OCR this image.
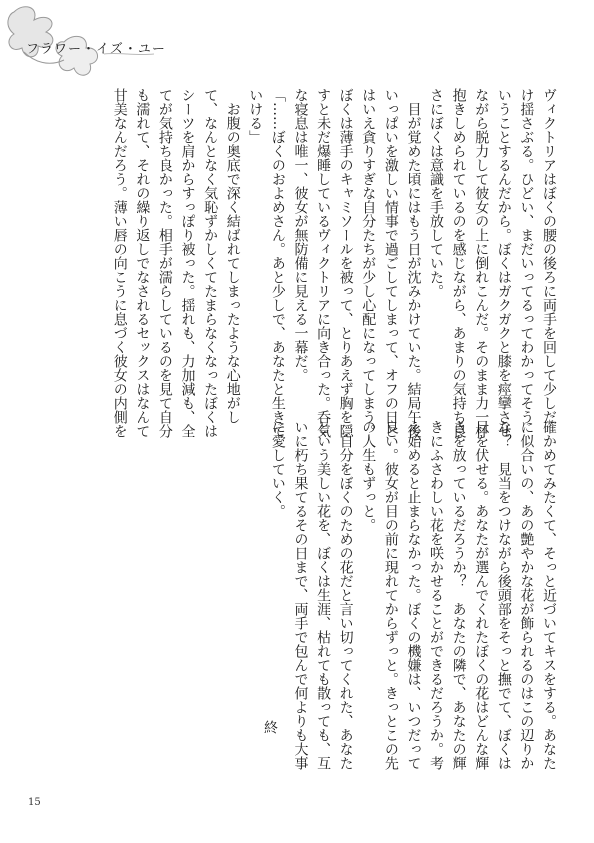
フラワー・イズ・ユー
ヴィクトリアはぼくの腰の後ろに両手を回して少しだ
け揺さぶる。ひどい、まだいってるってわかってそう
いうことするんだから。ぼくはガクガクと膝を痙攣させ
ながら脱力して彼女の上に倒れこんだ。そのまま力一杯
抱きしめられているのを感じながら、あまりの気持ち良
さにぼくは意識を手放していた。
　目が覚めた頃にはもう日が沈みかけていた。結局午後
いっぱいを激しい情事で過ごしてしまって、オフの日と
はいえ貪りすぎな自分たちが少し心配になってしまう。
ぼくは薄手のキャミソールを被って、とりあえず胸を隠
すと未だ爆睡しているヴィクトリアに向き合った。呑気
な寝息は唯一、彼女が無防備に見える一幕だ。
「……ぼくのおよめさん。あと少しで、あなたと生きて
いける」
　お腹の奥底で深く結ばれてしまったような心地がし
て、なんとなく気恥ずかしくてたまらなくなったぼくは
シーツを肩からすっぽり被った。揺れも、力加減も、全
てが気持ち良かった。相手が濡らしているのを見て自分
も濡れて、それの繰り返しでなされるセックスはなんて
甘美なんだろう。薄い唇の向こうに息づく彼女の内側を
確かめてみたくて、そっと近づいてキスをする。あなた
に似合いの、あの艶やかな花が飾られるのはこの辺りか
な？　見当をつけながら後頭部をそっと撫でて、ぼくは
目を伏せる。あなたが選んでくれたぼくの花はどんな輝
きを放っているだろうか？　あなたの隣で、あなたの輝
きにふさわしい花を咲かせることができるだろうか。考
え始めると止まらなかった。ぼくの機嫌は、いつだって
良い。彼女が目の前に現れてからずっと。きっとこの先
の人生もずっと。
　自分をぼくのための花だと言い切ってくれた、あなた
という美しい花を、ぼくは生涯、枯れても散っても、互
いに朽ち果てるその日まで、両手で包んで何よりも大事
に愛していく。
終
15
